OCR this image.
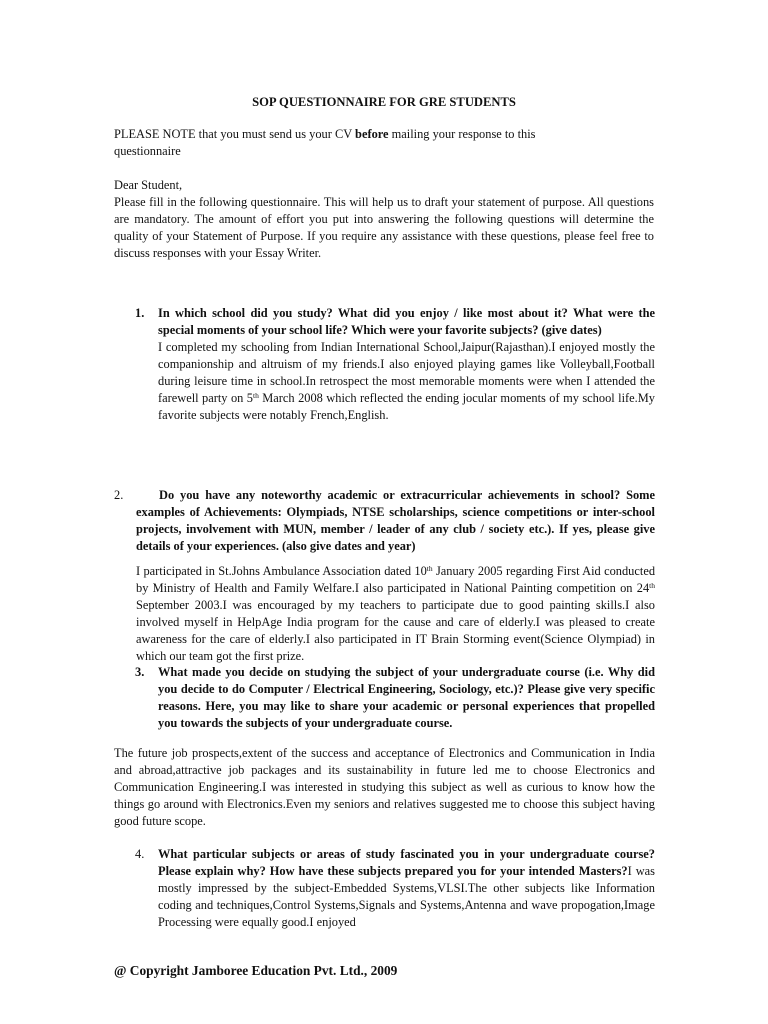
SOP QUESTIONNAIRE FOR GRE STUDENTS
PLEASE NOTE that you must send us your CV before mailing your response to this questionnaire
Dear Student,
Please fill in the following questionnaire. This will help us to draft your statement of purpose. All questions are mandatory. The amount of effort you put into answering the following questions will determine the quality of your Statement of Purpose. If you require any assistance with these questions, please feel free to discuss responses with your Essay Writer.
1. In which school did you study? What did you enjoy / like most about it? What were the special moments of your school life? Which were your favorite subjects? (give dates)
I completed my schooling from Indian International School,Jaipur(Rajasthan).I enjoyed mostly the companionship and altruism of my friends.I also enjoyed playing games like Volleyball,Football during leisure time in school.In retrospect the most memorable moments were when I attended the farewell party on 5th March 2008 which reflected the ending jocular moments of my school life.My favorite subjects were notably French,English.
2.	Do you have any noteworthy academic or extracurricular achievements in school? Some examples of Achievements: Olympiads, NTSE scholarships, science competitions or inter-school projects, involvement with MUN, member / leader of any club / society etc.). If yes, please give details of your experiences. (also give dates and year)
I participated in St.Johns Ambulance Association dated 10th January 2005 regarding First Aid conducted by Ministry of Health and Family Welfare.I also participated in National Painting competition on 24th September 2003.I was encouraged by my teachers to participate due to good painting skills.I also involved myself in HelpAge India program for the cause and care of elderly.I was pleased to create awareness for the care of elderly.I also participated in IT Brain Storming event(Science Olympiad) in which our team got the first prize.
3. What made you decide on studying the subject of your undergraduate course (i.e. Why did you decide to do Computer / Electrical Engineering, Sociology, etc.)? Please give very specific reasons. Here, you may like to share your academic or personal experiences that propelled you towards the subjects of your undergraduate course.
The future job prospects,extent of the success and acceptance of Electronics and Communication in India and abroad,attractive job packages and its sustainability in future led me to choose Electronics and Communication Engineering.I was interested in studying this subject as well as curious to know how the things go around with Electronics.Even my seniors and relatives suggested me to choose this subject having good future scope.
4. What particular subjects or areas of study fascinated you in your undergraduate course? Please explain why? How have these subjects prepared you for your intended Masters?I was mostly impressed by the subject-Embedded Systems,VLSI.The other subjects like Information coding and techniques,Control Systems,Signals and Systems,Antenna and wave propogation,Image Processing were equally good.I enjoyed
@ Copyright Jamboree Education Pvt. Ltd., 2009
